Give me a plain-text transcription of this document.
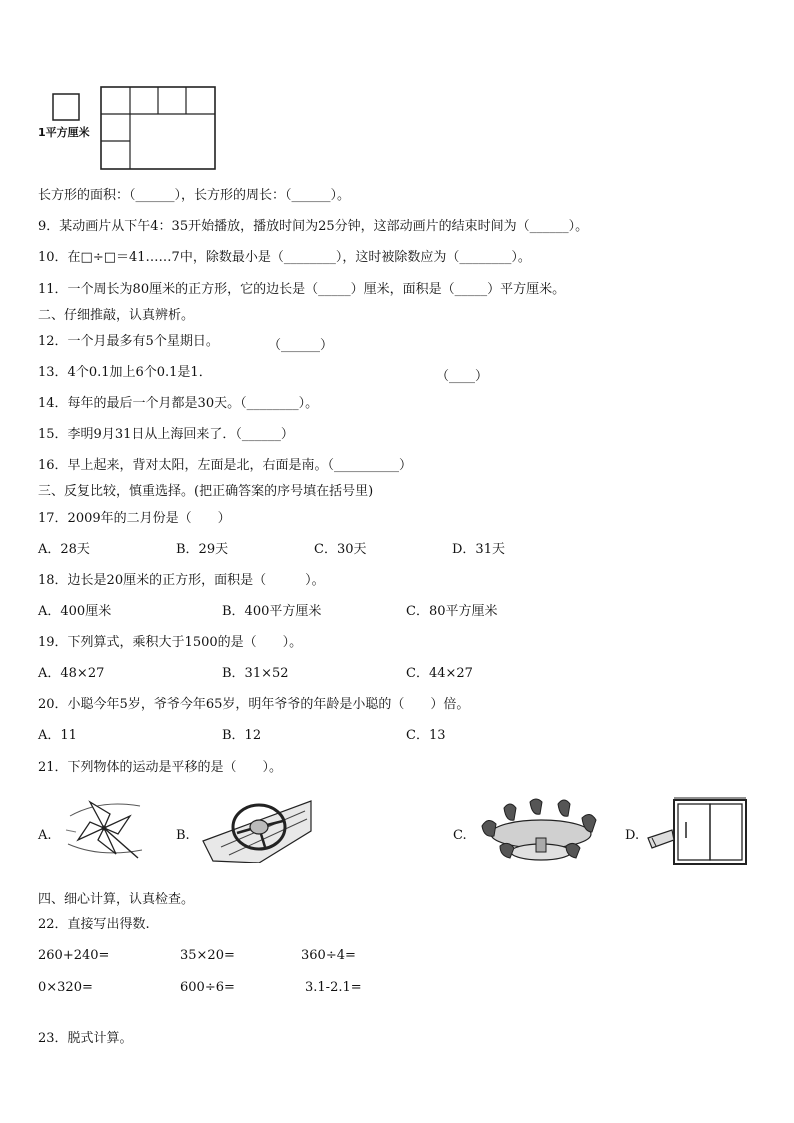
1平方厘米
长方形的面积：（______），长方形的周长：（______）。
9．某动画片从下午4：35开始播放，播放时间为25分钟，这部动画片的结束时间为（______）。
10．在□÷□＝41……7中，除数最小是（________），这时被除数应为（________）。
11．一个周长为80厘米的正方形，它的边长是（_____）厘米，面积是（_____）平方厘米。
二、仔细推敲，认真辨析。
12．一个月最多有5个星期日。	（______）
13．4个0.1加上6个0.1是1．	（____）
14．每年的最后一个月都是30天。（________）。
15．李明9月31日从上海回来了．（______）
16．早上起来，背对太阳，左面是北，右面是南。（__________）
三、反复比较，慎重选择。(把正确答案的序号填在括号里)
17．2009年的二月份是（　　）
A．28天	B．29天	C．30天	D．31天
18．边长是20厘米的正方形，面积是（　　　）。
A．400厘米	B．400平方厘米	C．80平方厘米
19．下列算式，乘积大于1500的是（　　）。
A．48×27	B．31×52	C．44×27
20．小聪今年5岁，爷爷今年65岁，明年爷爷的年龄是小聪的（　　）倍。
A．11	B．12	C．13
21．下列物体的运动是平移的是（　　）。
A.	B.	C.	D.
四、细心计算，认真检查。
22．直接写出得数.
260+240=	35×20=	360÷4=
0×320=	600÷6=	3.1-2.1=
23．脱式计算。
